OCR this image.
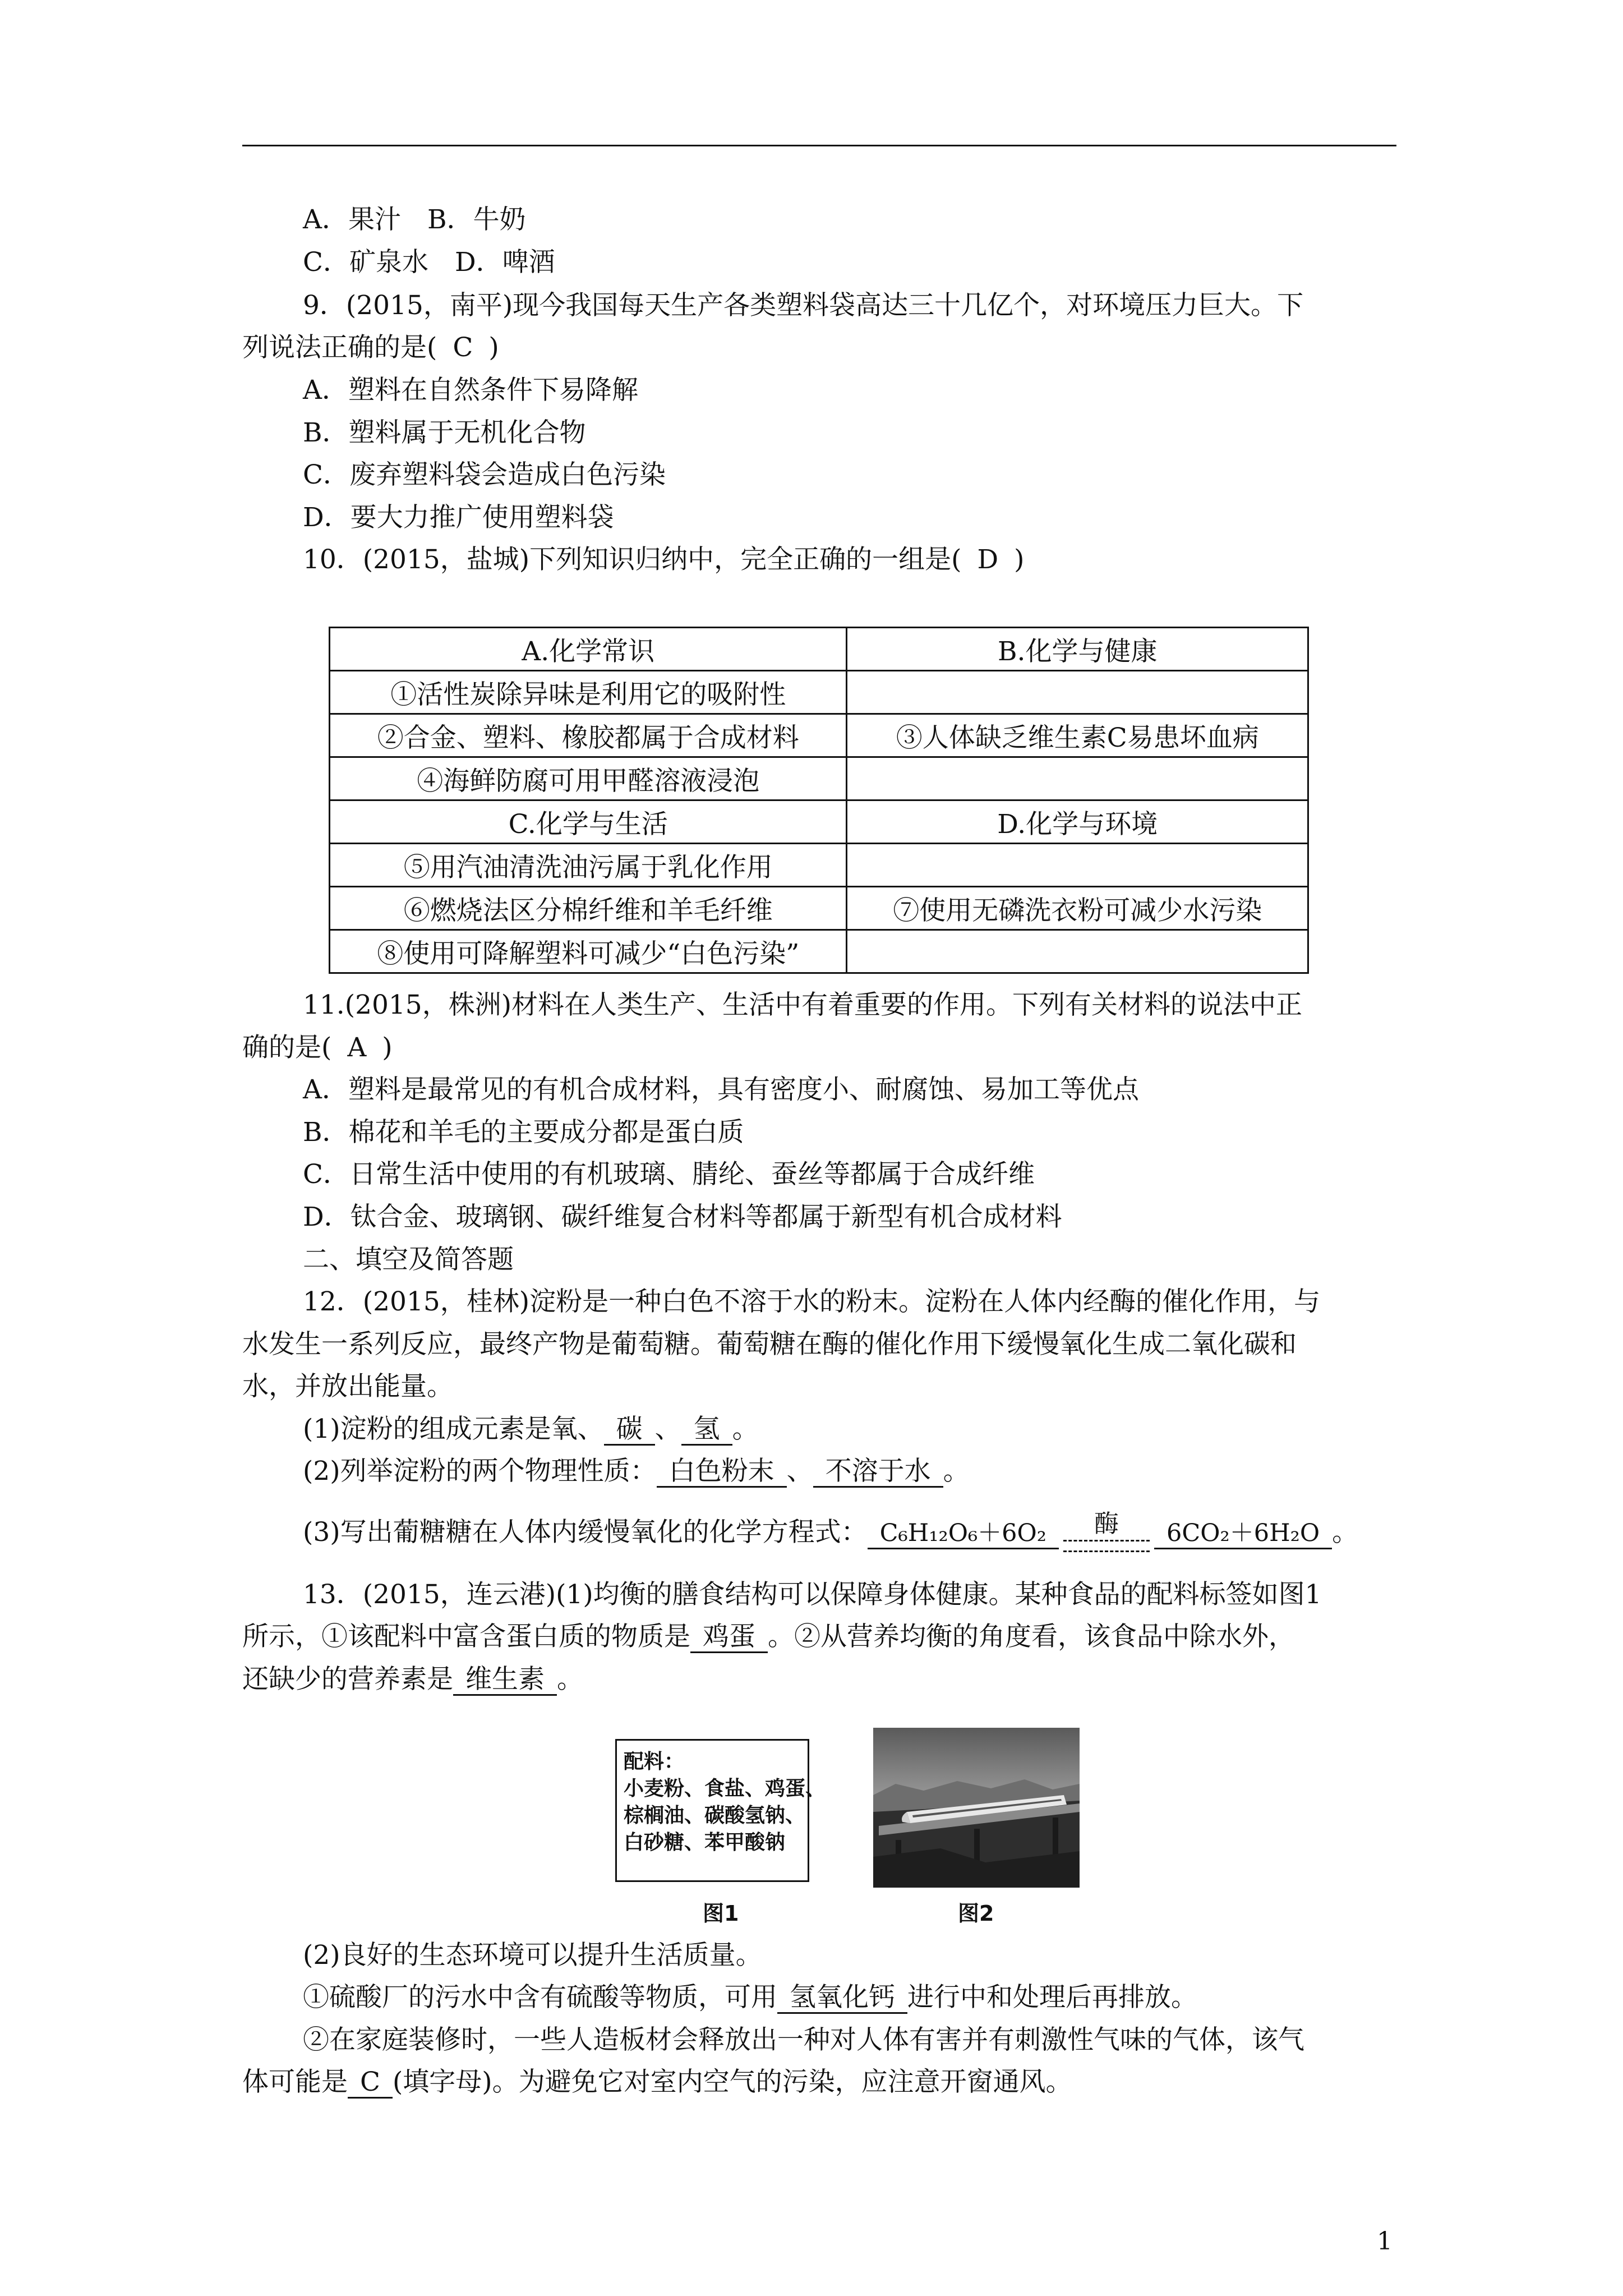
A．果汁　B．牛奶
C．矿泉水　D．啤酒
9．(2015，南平)现今我国每天生产各类塑料袋高达三十几亿个，对环境压力巨大。下
列说法正确的是( C )
A．塑料在自然条件下易降解
B．塑料属于无机化合物
C．废弃塑料袋会造成白色污染
D．要大力推广使用塑料袋
10．(2015，盐城)下列知识归纳中，完全正确的一组是( D )
A.化学常识	B.化学与健康
①活性炭除异味是利用它的吸附性	
②合金、塑料、橡胶都属于合成材料	③人体缺乏维生素C易患坏血病
④海鲜防腐可用甲醛溶液浸泡	
C.化学与生活	D.化学与环境
⑤用汽油清洗油污属于乳化作用	
⑥燃烧法区分棉纤维和羊毛纤维	⑦使用无磷洗衣粉可减少水污染
⑧使用可降解塑料可减少“白色污染”	
11.(2015，株洲)材料在人类生产、生活中有着重要的作用。下列有关材料的说法中正
确的是( A )
A．塑料是最常见的有机合成材料，具有密度小、耐腐蚀、易加工等优点
B．棉花和羊毛的主要成分都是蛋白质
C．日常生活中使用的有机玻璃、腈纶、蚕丝等都属于合成纤维
D．钛合金、玻璃钢、碳纤维复合材料等都属于新型有机合成材料
二、填空及简答题
12．(2015，桂林)淀粉是一种白色不溶于水的粉末。淀粉在人体内经酶的催化作用，与
水发生一系列反应，最终产物是葡萄糖。葡萄糖在酶的催化作用下缓慢氧化生成二氧化碳和
水，并放出能量。
(1)淀粉的组成元素是氧、 碳 、 氢 。
(2)列举淀粉的两个物理性质： 白色粉末 、 不溶于水 。
(3)写出葡糖糖在人体内缓慢氧化的化学方程式： C₆H₁₂O₆＋6O₂	酶	6CO₂＋6H₂O 。
13．(2015，连云港)(1)均衡的膳食结构可以保障身体健康。某种食品的配料标签如图1
所示，①该配料中富含蛋白质的物质是 鸡蛋 。②从营养均衡的角度看，该食品中除水外，
还缺少的营养素是 维生素 。
配料：
小麦粉、食盐、鸡蛋、
棕榈油、碳酸氢钠、
白砂糖、苯甲酸钠
图1	图2
(2)良好的生态环境可以提升生活质量。
①硫酸厂的污水中含有硫酸等物质，可用 氢氧化钙 进行中和处理后再排放。
②在家庭装修时，一些人造板材会释放出一种对人体有害并有刺激性气味的气体，该气
体可能是 C (填字母)。为避免它对室内空气的污染，应注意开窗通风。
1
